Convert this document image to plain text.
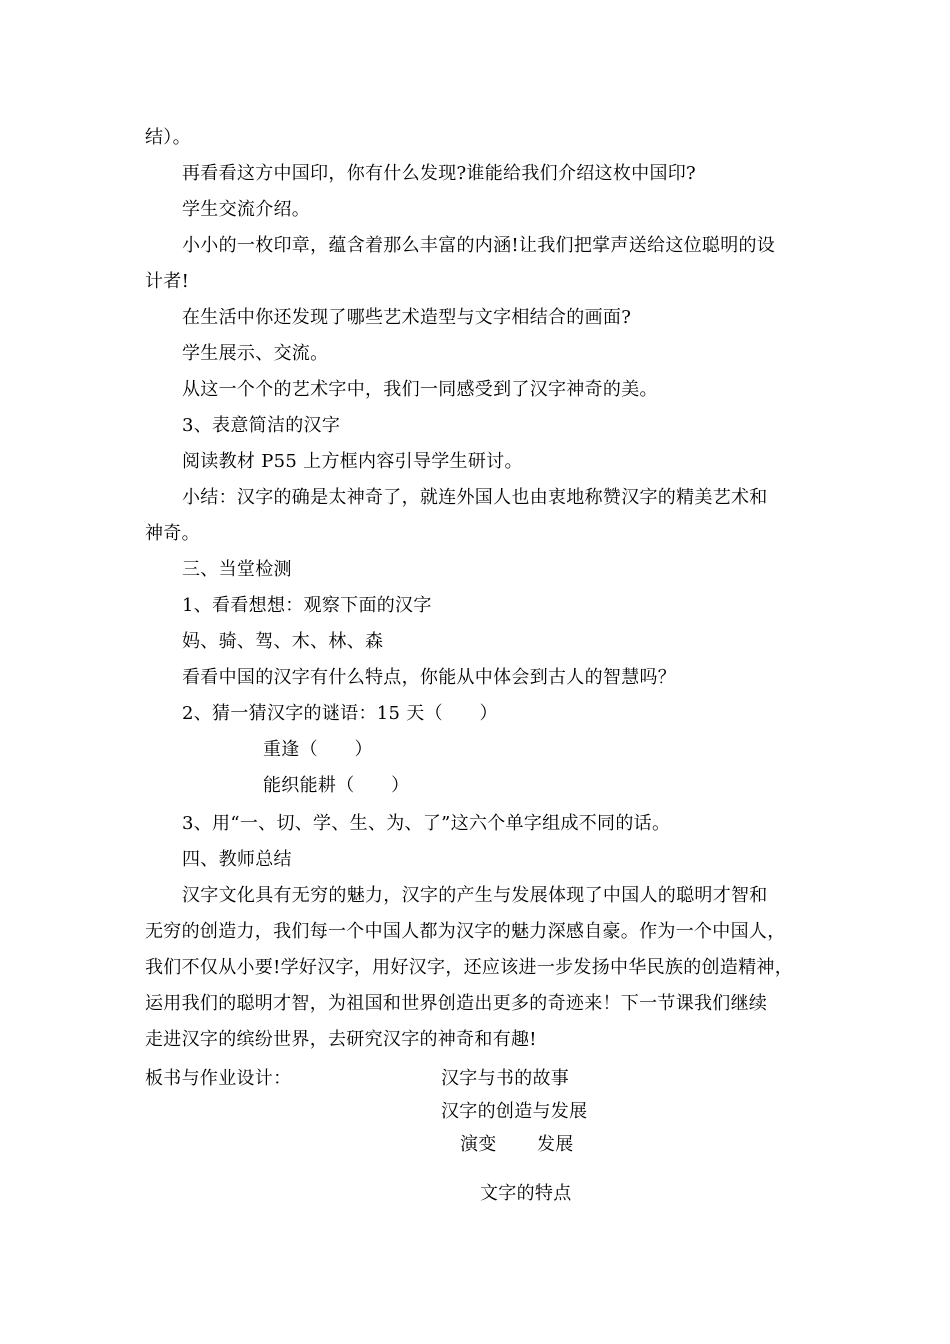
结）。
再看看这方中国印，你有什么发现?谁能给我们介绍这枚中国印?
学生交流介绍。
小小的一枚印章，蕴含着那么丰富的内涵!让我们把掌声送给这位聪明的设
计者!
在生活中你还发现了哪些艺术造型与文字相结合的画面?
学生展示、交流。
从这一个个的艺术字中，我们一同感受到了汉字神奇的美。
3、表意简洁的汉字
阅读教材 P55 上方框内容引导学生研讨。
小结：汉字的确是太神奇了，就连外国人也由衷地称赞汉字的精美艺术和
神奇。
三、当堂检测
1、看看想想：观察下面的汉字
妈、骑、驾、木、林、森
看看中国的汉字有什么特点，你能从中体会到古人的智慧吗？
2、猜一猜汉字的谜语：15 天（　　）
重逢（　　）
能织能耕（　　）
3、用“一、切、学、生、为、了”这六个单字组成不同的话。
四、教师总结
汉字文化具有无穷的魅力，汉字的产生与发展体现了中国人的聪明才智和
无穷的创造力，我们每一个中国人都为汉字的魅力深感自豪。作为一个中国人，
我们不仅从小要!学好汉字，用好汉字，还应该进一步发扬中华民族的创造精神，
运用我们的聪明才智，为祖国和世界创造出更多的奇迹来！下一节课我们继续
走进汉字的缤纷世界，去研究汉字的神奇和有趣!
板书与作业设计：	汉字与书的故事
汉字的创造与发展
演变 发展
文字的特点
